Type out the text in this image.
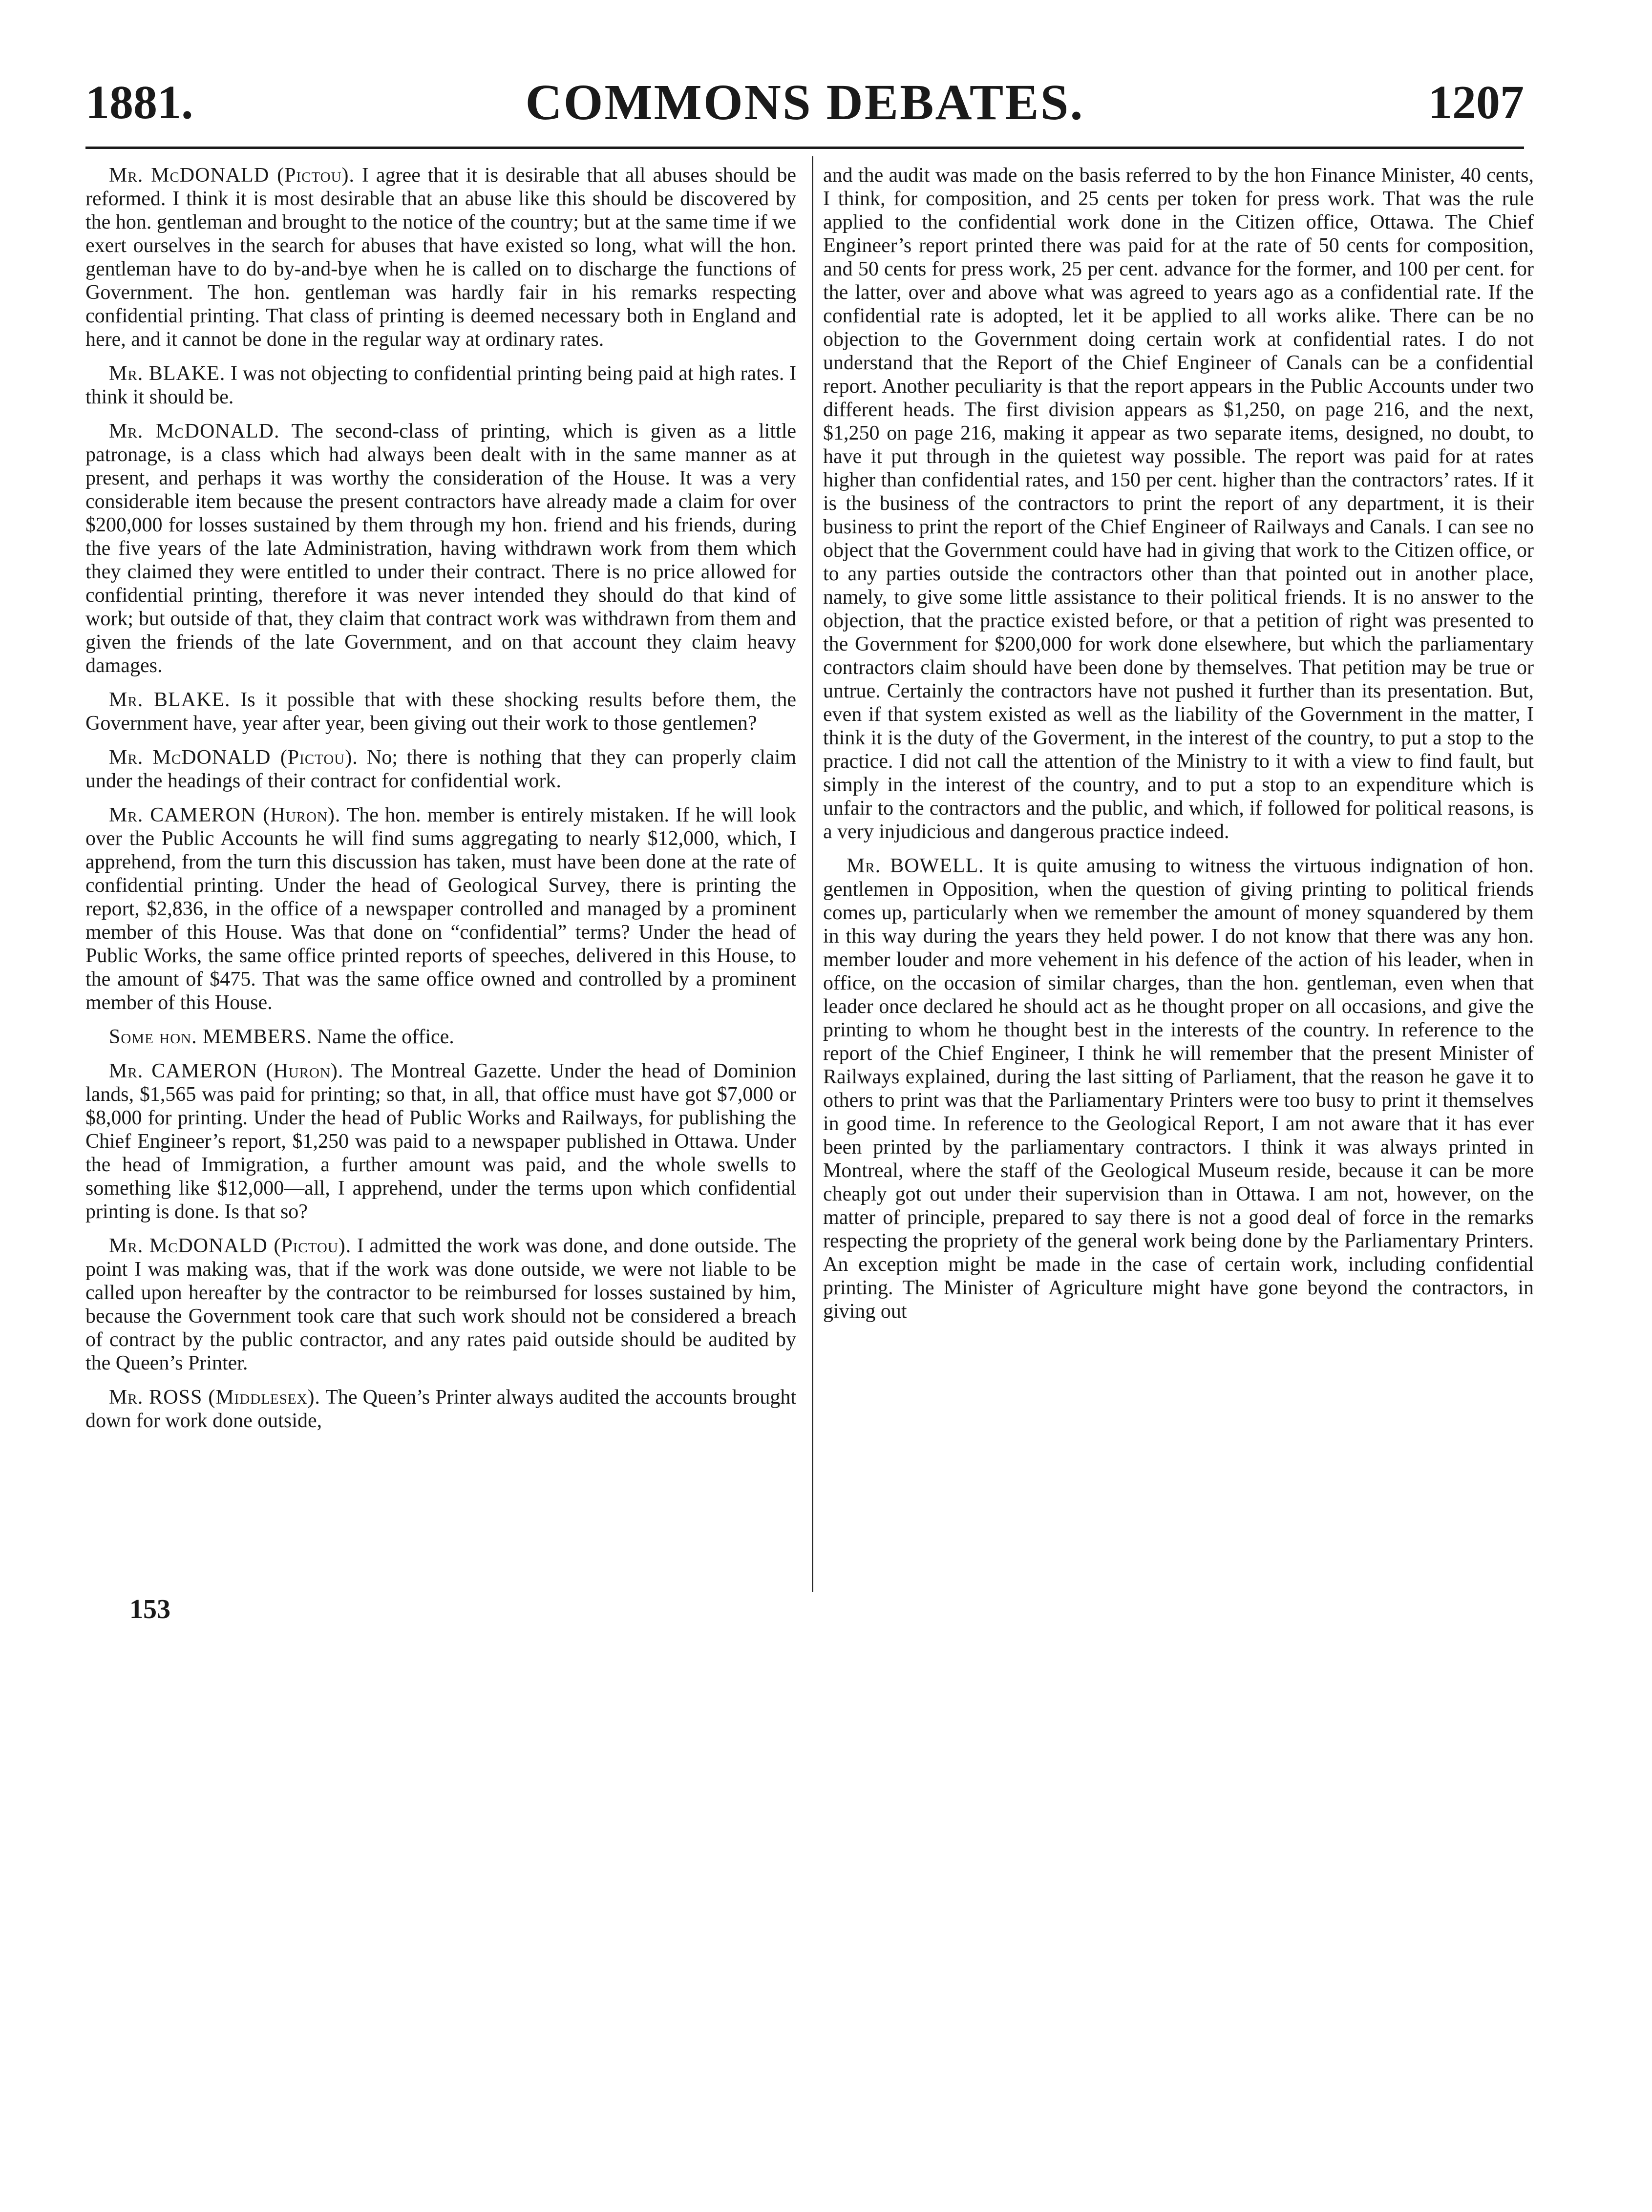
COMMONS DEBATES.
1881.	1207

Mr. McDONALD (Pictou). I agree that it is desirable that all abuses should be reformed. I think it is most desirable that an abuse like this should be discovered by the hon. gentleman and brought to the notice of the country; but at the same time if we exert ourselves in the search for abuses that have existed so long, what will the hon. gentleman have to do by-and-bye when he is called on to discharge the functions of Government. The hon. gentleman was hardly fair in his remarks respecting confidential printing. That class of printing is deemed necessary both in England and here, and it cannot be done in the regular way at ordinary rates.

Mr. BLAKE. I was not objecting to confidential printing being paid at high rates. I think it should be.

Mr. McDONALD. The second-class of printing, which is given as a little patronage, is a class which had always been dealt with in the same manner as at present, and perhaps it was worthy the consideration of the House. It was a very considerable item because the present contractors have already made a claim for over $200,000 for losses sustained by them through my hon. friend and his friends, during the five years of the late Administration, having withdrawn work from them which they claimed they were entitled to under their contract. There is no price allowed for confidential printing, therefore it was never intended they should do that kind of work; but outside of that, they claim that contract work was withdrawn from them and given the friends of the late Government, and on that account they claim heavy damages.

Mr. BLAKE. Is it possible that with these shocking results before them, the Government have, year after year, been giving out their work to those gentlemen?

Mr. McDONALD (Pictou). No; there is nothing that they can properly claim under the headings of their contract for confidential work.

Mr. CAMERON (Huron). The hon. member is entirely mistaken. If he will look over the Public Accounts he will find sums aggregating to nearly $12,000, which, I apprehend, from the turn this discussion has taken, must have been done at the rate of confidential printing. Under the head of Geological Survey, there is printing the report, $2,836, in the office of a newspaper controlled and managed by a prominent member of this House. Was that done on “confidential” terms? Under the head of Public Works, the same office printed reports of speeches, delivered in this House, to the amount of $475. That was the same office owned and controlled by a prominent member of this House.

Some hon. MEMBERS. Name the office.

Mr. CAMERON (Huron). The Montreal Gazette. Under the head of Dominion lands, $1,565 was paid for printing; so that, in all, that office must have got $7,000 or $8,000 for printing. Under the head of Public Works and Railways, for publishing the Chief Engineer’s report, $1,250 was paid to a newspaper published in Ottawa. Under the head of Immigration, a further amount was paid, and the whole swells to something like $12,000—all, I apprehend, under the terms upon which confidential printing is done. Is that so?

Mr. McDONALD (Pictou). I admitted the work was done, and done outside. The point I was making was, that if the work was done outside, we were not liable to be called upon hereafter by the contractor to be reimbursed for losses sustained by him, because the Government took care that such work should not be considered a breach of contract by the public contractor, and any rates paid outside should be audited by the Queen’s Printer.

Mr. ROSS (Middlesex). The Queen’s Printer always audited the accounts brought down for work done outside,

and the audit was made on the basis referred to by the hon Finance Minister, 40 cents, I think, for composition, and 25 cents per token for press work. That was the rule applied to the confidential work done in the Citizen office, Ottawa. The Chief Engineer’s report printed there was paid for at the rate of 50 cents for composition, and 50 cents for press work, 25 per cent. advance for the former, and 100 per cent. for the latter, over and above what was agreed to years ago as a confidential rate. If the confidential rate is adopted, let it be applied to all works alike. There can be no objection to the Government doing certain work at confidential rates. I do not understand that the Report of the Chief Engineer of Canals can be a confidential report. Another peculiarity is that the report appears in the Public Accounts under two different heads. The first division appears as $1,250, on page 216, and the next, $1,250 on page 216, making it appear as two separate items, designed, no doubt, to have it put through in the quietest way possible. The report was paid for at rates higher than confidential rates, and 150 per cent. higher than the contractors’ rates. If it is the business of the contractors to print the report of any department, it is their business to print the report of the Chief Engineer of Railways and Canals. I can see no object that the Government could have had in giving that work to the Citizen office, or to any parties outside the contractors other than that pointed out in another place, namely, to give some little assistance to their political friends. It is no answer to the objection, that the practice existed before, or that a petition of right was presented to the Government for $200,000 for work done elsewhere, but which the parliamentary contractors claim should have been done by themselves. That petition may be true or untrue. Certainly the contractors have not pushed it further than its presentation. But, even if that system existed as well as the liability of the Government in the matter, I think it is the duty of the Goverment, in the interest of the country, to put a stop to the practice. I did not call the attention of the Ministry to it with a view to find fault, but simply in the interest of the country, and to put a stop to an expenditure which is unfair to the contractors and the public, and which, if followed for political reasons, is a very injudicious and dangerous practice indeed.

Mr. BOWELL. It is quite amusing to witness the virtuous indignation of hon. gentlemen in Opposition, when the question of giving printing to political friends comes up, particularly when we remember the amount of money squandered by them in this way during the years they held power. I do not know that there was any hon. member louder and more vehement in his defence of the action of his leader, when in office, on the occasion of similar charges, than the hon. gentleman, even when that leader once declared he should act as he thought proper on all occasions, and give the printing to whom he thought best in the interests of the country. In reference to the report of the Chief Engineer, I think he will remember that the present Minister of Railways explained, during the last sitting of Parliament, that the reason he gave it to others to print was that the Parliamentary Printers were too busy to print it themselves in good time. In reference to the Geological Report, I am not aware that it has ever been printed by the parliamentary contractors. I think it was always printed in Montreal, where the staff of the Geological Museum reside, because it can be more cheaply got out under their supervision than in Ottawa. I am not, however, on the matter of principle, prepared to say there is not a good deal of force in the remarks respecting the propriety of the general work being done by the Parliamentary Printers. An exception might be made in the case of certain work, including confidential printing. The Minister of Agriculture might have gone beyond the contractors, in giving out

153
